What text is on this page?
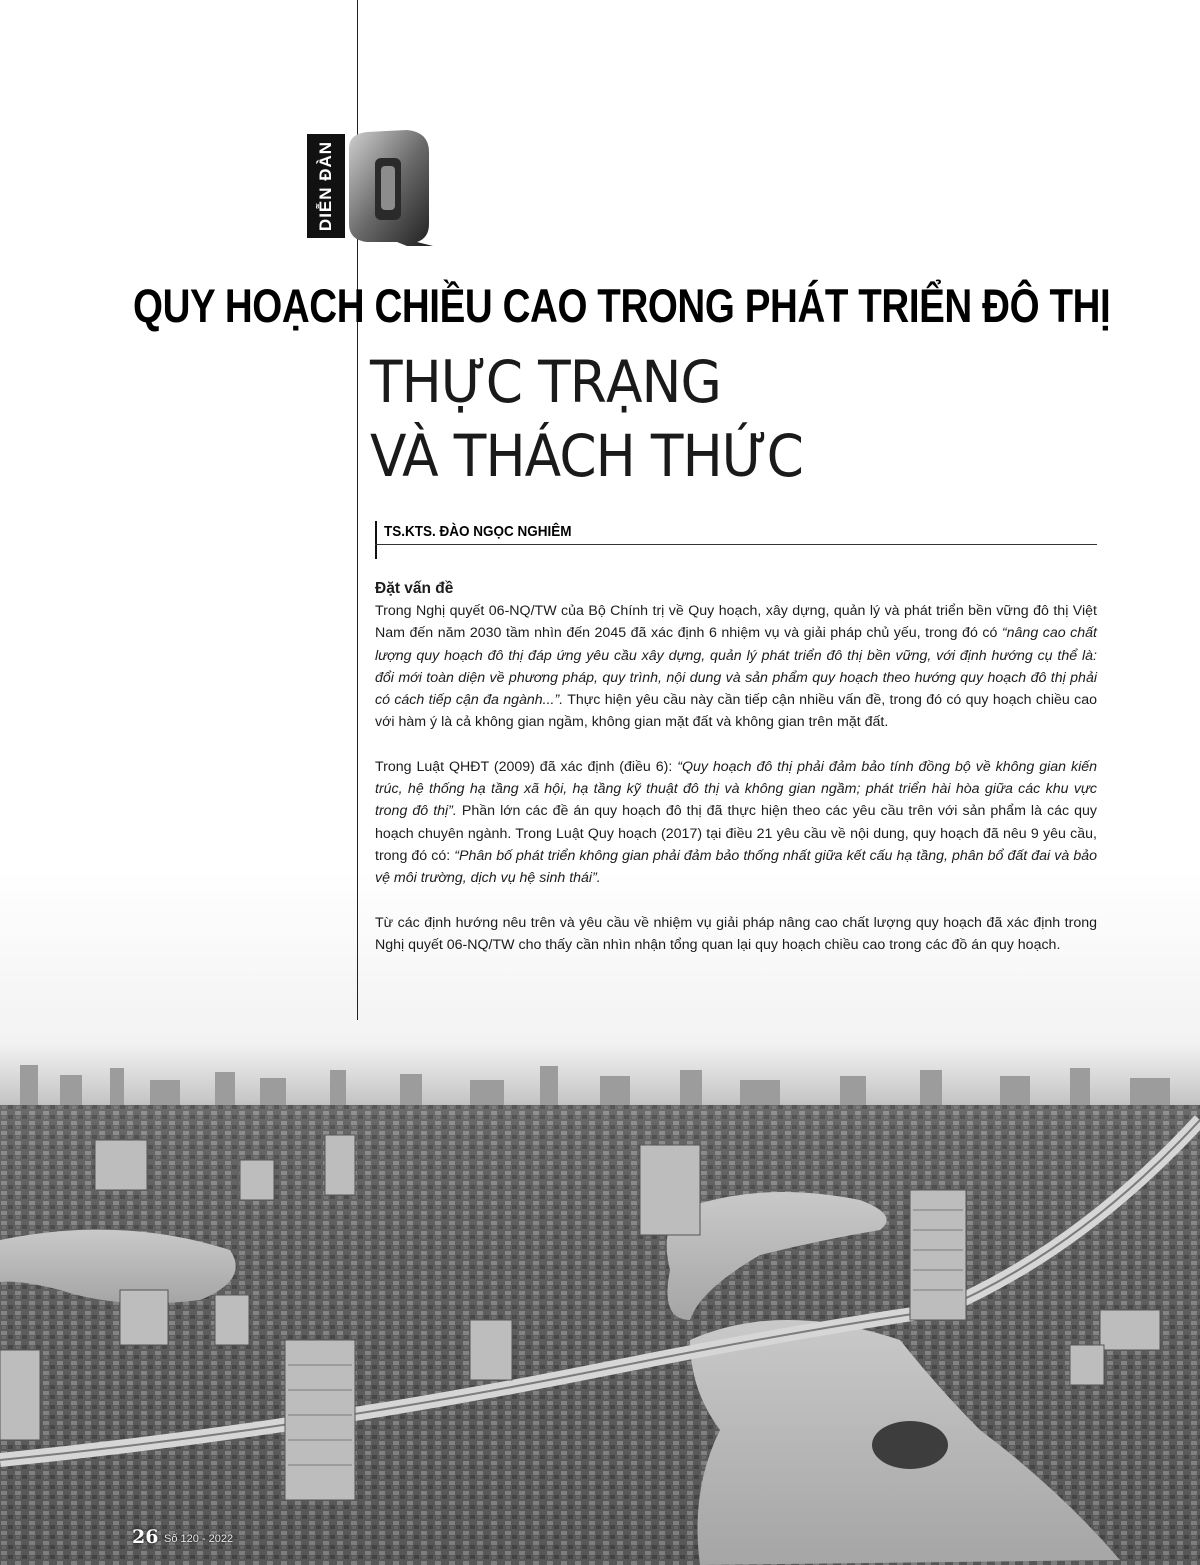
DIỄN ĐÀN
QUY HOẠCH CHIỀU CAO TRONG PHÁT TRIỂN ĐÔ THỊ
THỰC TRẠNG
VÀ THÁCH THỨC
TS.KTS. ĐÀO NGỌC NGHIÊM
Đặt vấn đề

Trong Nghị quyết 06-NQ/TW của Bộ Chính trị về Quy hoạch, xây dựng, quản lý và phát triển bền vững đô thị Việt Nam đến năm 2030 tầm nhìn đến 2045 đã xác định 6 nhiệm vụ và giải pháp chủ yếu, trong đó có “nâng cao chất lượng quy hoạch đô thị đáp ứng yêu cầu xây dựng, quản lý phát triển đô thị bền vững, với định hướng cụ thể là: đổi mới toàn diện về phương pháp, quy trình, nội dung và sản phẩm quy hoạch theo hướng quy hoạch đô thị phải có cách tiếp cận đa ngành...”. Thực hiện yêu cầu này cần tiếp cận nhiều vấn đề, trong đó có quy hoạch chiều cao với hàm ý là cả không gian ngầm, không gian mặt đất và không gian trên mặt đất.

Trong Luật QHĐT (2009) đã xác định (điều 6): “Quy hoạch đô thị phải đảm bảo tính đồng bộ về không gian kiến trúc, hệ thống hạ tầng xã hội, hạ tầng kỹ thuật đô thị và không gian ngầm; phát triển hài hòa giữa các khu vực trong đô thị”. Phần lớn các đề án quy hoạch đô thị đã thực hiện theo các yêu cầu trên với sản phẩm là các quy hoạch chuyên ngành. Trong Luật Quy hoạch (2017) tại điều 21 yêu cầu về nội dung, quy hoạch đã nêu 9 yêu cầu, trong đó có: “Phân bố phát triển không gian phải đảm bảo thống nhất giữa kết cấu hạ tầng, phân bổ đất đai và bảo vệ môi trường, dịch vụ hệ sinh thái”.

Từ các định hướng nêu trên và yêu cầu về nhiệm vụ giải pháp nâng cao chất lượng quy hoạch đã xác định trong Nghị quyết 06-NQ/TW cho thấy cần nhìn nhận tổng quan lại quy hoạch chiều cao trong các đồ án quy hoạch.

26 Số 120 - 2022
